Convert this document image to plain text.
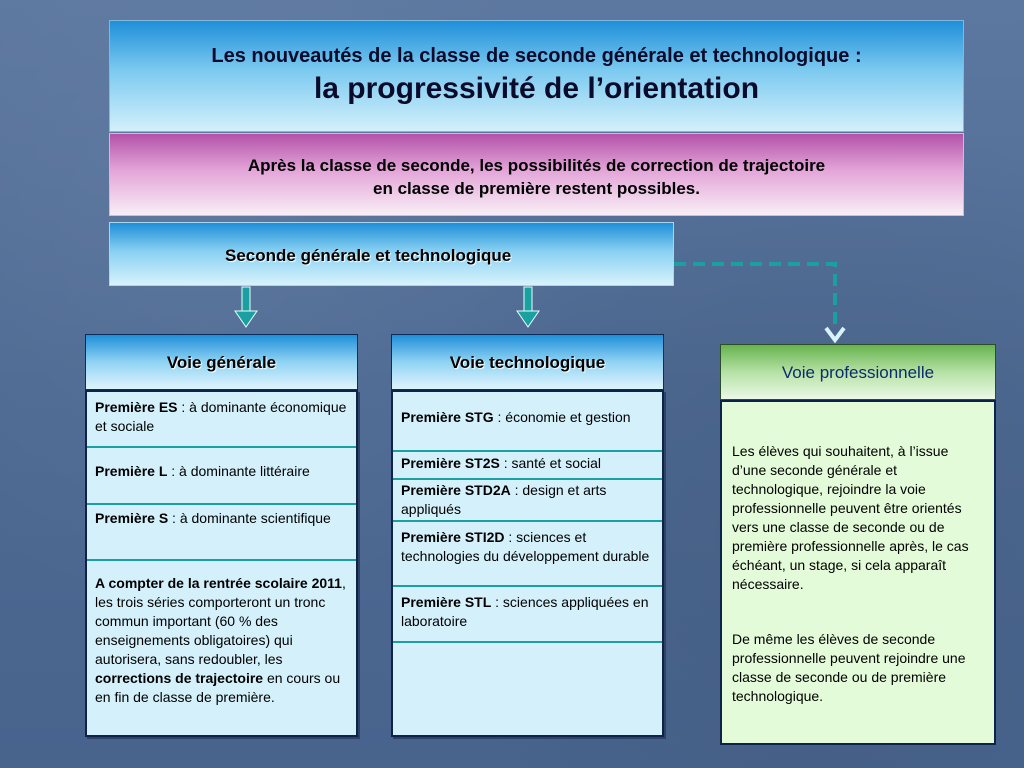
Les nouveautés de la classe de seconde générale et technologique :
la progressivité de l’orientation
Après la classe de seconde, les possibilités de correction de trajectoire
en classe de première restent possibles.
Seconde générale et technologique
Voie générale
Première ES : à dominante économique et sociale
Première L : à dominante littéraire
Première S : à dominante scientifique
A compter de la rentrée scolaire 2011, les trois séries comporteront un tronc commun important (60 % des enseignements obligatoires) qui autorisera, sans redoubler, les corrections de trajectoire en cours ou en fin de classe de première.
Voie technologique
Première STG : économie et gestion
Première ST2S : santé et social
Première STD2A : design et arts appliqués
Première STI2D : sciences et technologies du développement durable
Première STL : sciences appliquées en laboratoire
Voie professionnelle
Les élèves qui souhaitent, à l’issue d’une seconde générale et technologique, rejoindre la voie professionnelle peuvent être orientés vers une classe de seconde ou de première professionnelle après, le cas échéant, un stage, si cela apparaît nécessaire.
De même les élèves de seconde professionnelle peuvent rejoindre une classe de seconde ou de première technologique.
